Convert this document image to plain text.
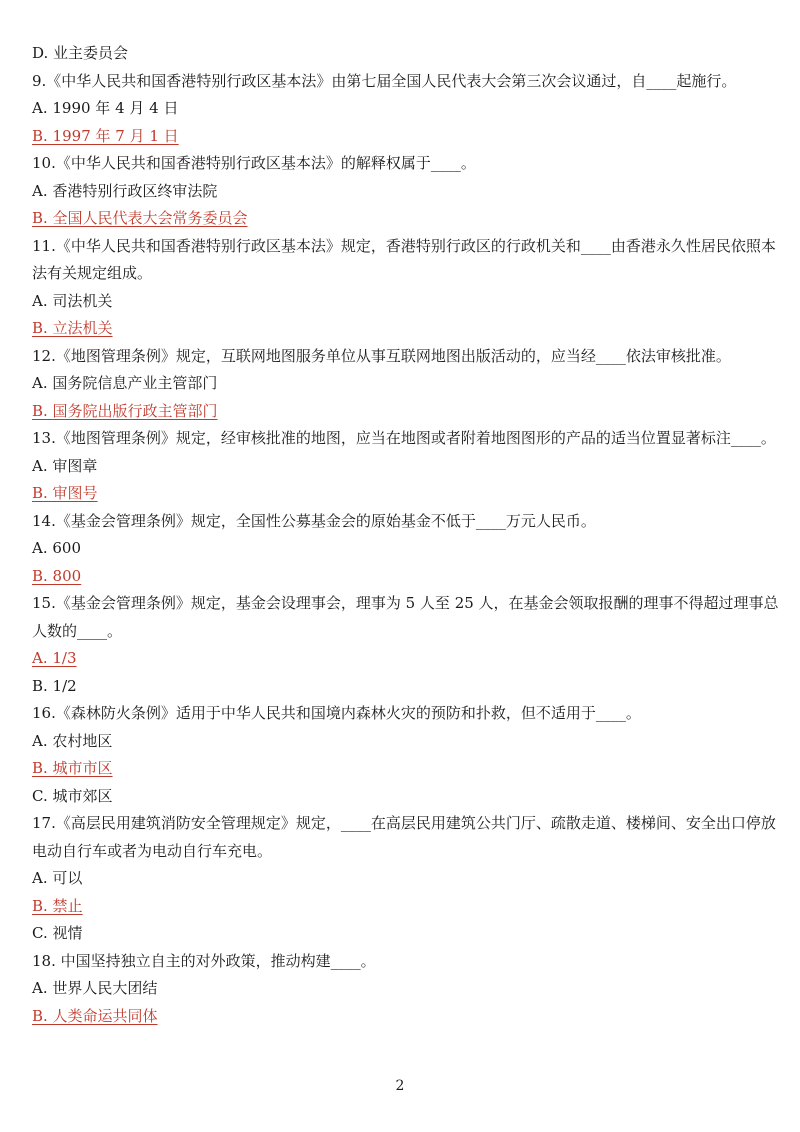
D. 业主委员会
9.《中华人民共和国香港特别行政区基本法》由第七届全国人民代表大会第三次会议通过，自____起施行。
A. 1990 年 4 月 4 日
B. 1997 年 7 月 1 日
10.《中华人民共和国香港特别行政区基本法》的解释权属于____。
A. 香港特别行政区终审法院
B. 全国人民代表大会常务委员会
11.《中华人民共和国香港特别行政区基本法》规定，香港特别行政区的行政机关和____由香港永久性居民依照本法有关规定组成。
A. 司法机关
B. 立法机关
12.《地图管理条例》规定，互联网地图服务单位从事互联网地图出版活动的，应当经____依法审核批准。
A. 国务院信息产业主管部门
B. 国务院出版行政主管部门
13.《地图管理条例》规定，经审核批准的地图，应当在地图或者附着地图图形的产品的适当位置显著标注____。
A. 审图章
B. 审图号
14.《基金会管理条例》规定，全国性公募基金会的原始基金不低于____万元人民币。
A. 600
B. 800
15.《基金会管理条例》规定，基金会设理事会，理事为 5 人至 25 人，在基金会领取报酬的理事不得超过理事总人数的____。
A. 1/3
B. 1/2
16.《森林防火条例》适用于中华人民共和国境内森林火灾的预防和扑救，但不适用于____。
A. 农村地区
B. 城市市区
C. 城市郊区
17.《高层民用建筑消防安全管理规定》规定，____在高层民用建筑公共门厅、疏散走道、楼梯间、安全出口停放电动自行车或者为电动自行车充电。
A. 可以
B. 禁止
C. 视情
18. 中国坚持独立自主的对外政策，推动构建____。
A. 世界人民大团结
B. 人类命运共同体
2
